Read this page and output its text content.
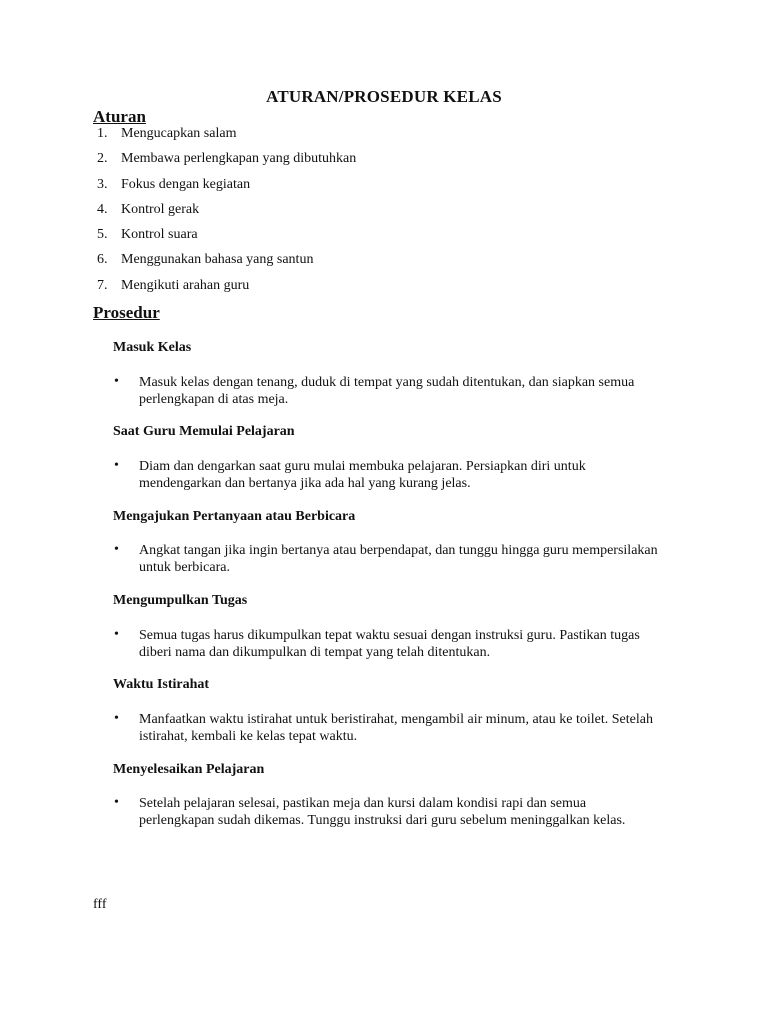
ATURAN/PROSEDUR KELAS
Aturan
1. Mengucapkan salam
2. Membawa perlengkapan yang dibutuhkan
3. Fokus dengan kegiatan
4. Kontrol gerak
5. Kontrol suara
6. Menggunakan bahasa yang santun
7. Mengikuti arahan guru
Prosedur
Masuk Kelas
• Masuk kelas dengan tenang, duduk di tempat yang sudah ditentukan, dan siapkan semua perlengkapan di atas meja.
Saat Guru Memulai Pelajaran
• Diam dan dengarkan saat guru mulai membuka pelajaran. Persiapkan diri untuk mendengarkan dan bertanya jika ada hal yang kurang jelas.
Mengajukan Pertanyaan atau Berbicara
• Angkat tangan jika ingin bertanya atau berpendapat, dan tunggu hingga guru mempersilakan untuk berbicara.
Mengumpulkan Tugas
• Semua tugas harus dikumpulkan tepat waktu sesuai dengan instruksi guru. Pastikan tugas diberi nama dan dikumpulkan di tempat yang telah ditentukan.
Waktu Istirahat
• Manfaatkan waktu istirahat untuk beristirahat, mengambil air minum, atau ke toilet. Setelah istirahat, kembali ke kelas tepat waktu.
Menyelesaikan Pelajaran
• Setelah pelajaran selesai, pastikan meja dan kursi dalam kondisi rapi dan semua perlengkapan sudah dikemas. Tunggu instruksi dari guru sebelum meninggalkan kelas.
fff
